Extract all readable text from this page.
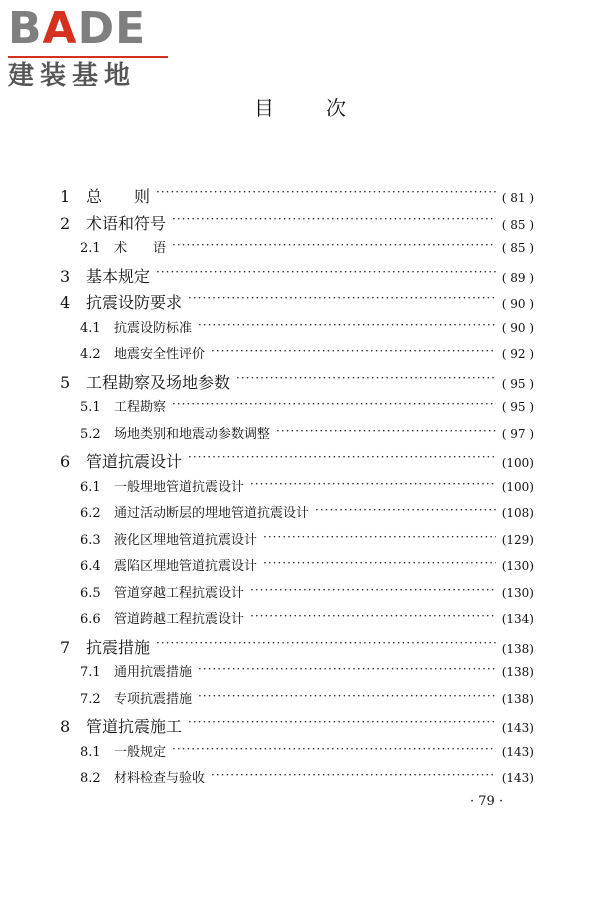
BADE
建装基地
目次
1 总　　则 ·····	( 81 )
2 术语和符号 ·····	( 85 )
2.1	术　　语 ·····	( 85 )
3 基本规定 ·····	( 89 )
4 抗震设防要求 ·····	( 90 )
4.1	抗震设防标准 ·····	( 90 )
4.2	地震安全性评价 ·····	( 92 )
5 工程勘察及场地参数 ·····	( 95 )
5.1	工程勘察 ·····	( 95 )
5.2	场地类别和地震动参数调整 ·····	( 97 )
6 管道抗震设计 ·····	(100)
6.1	一般埋地管道抗震设计 ·····	(100)
6.2	通过活动断层的埋地管道抗震设计 ·····	(108)
6.3	液化区埋地管道抗震设计 ·····	(129)
6.4	震陷区埋地管道抗震设计 ·····	(130)
6.5	管道穿越工程抗震设计 ·····	(130)
6.6	管道跨越工程抗震设计 ·····	(134)
7 抗震措施 ·····	(138)
7.1	通用抗震措施 ·····	(138)
7.2	专项抗震措施 ·····	(138)
8 管道抗震施工 ·····	(143)
8.1	一般规定 ·····	(143)
8.2	材料检查与验收 ·····	(143)
· 79 ·
